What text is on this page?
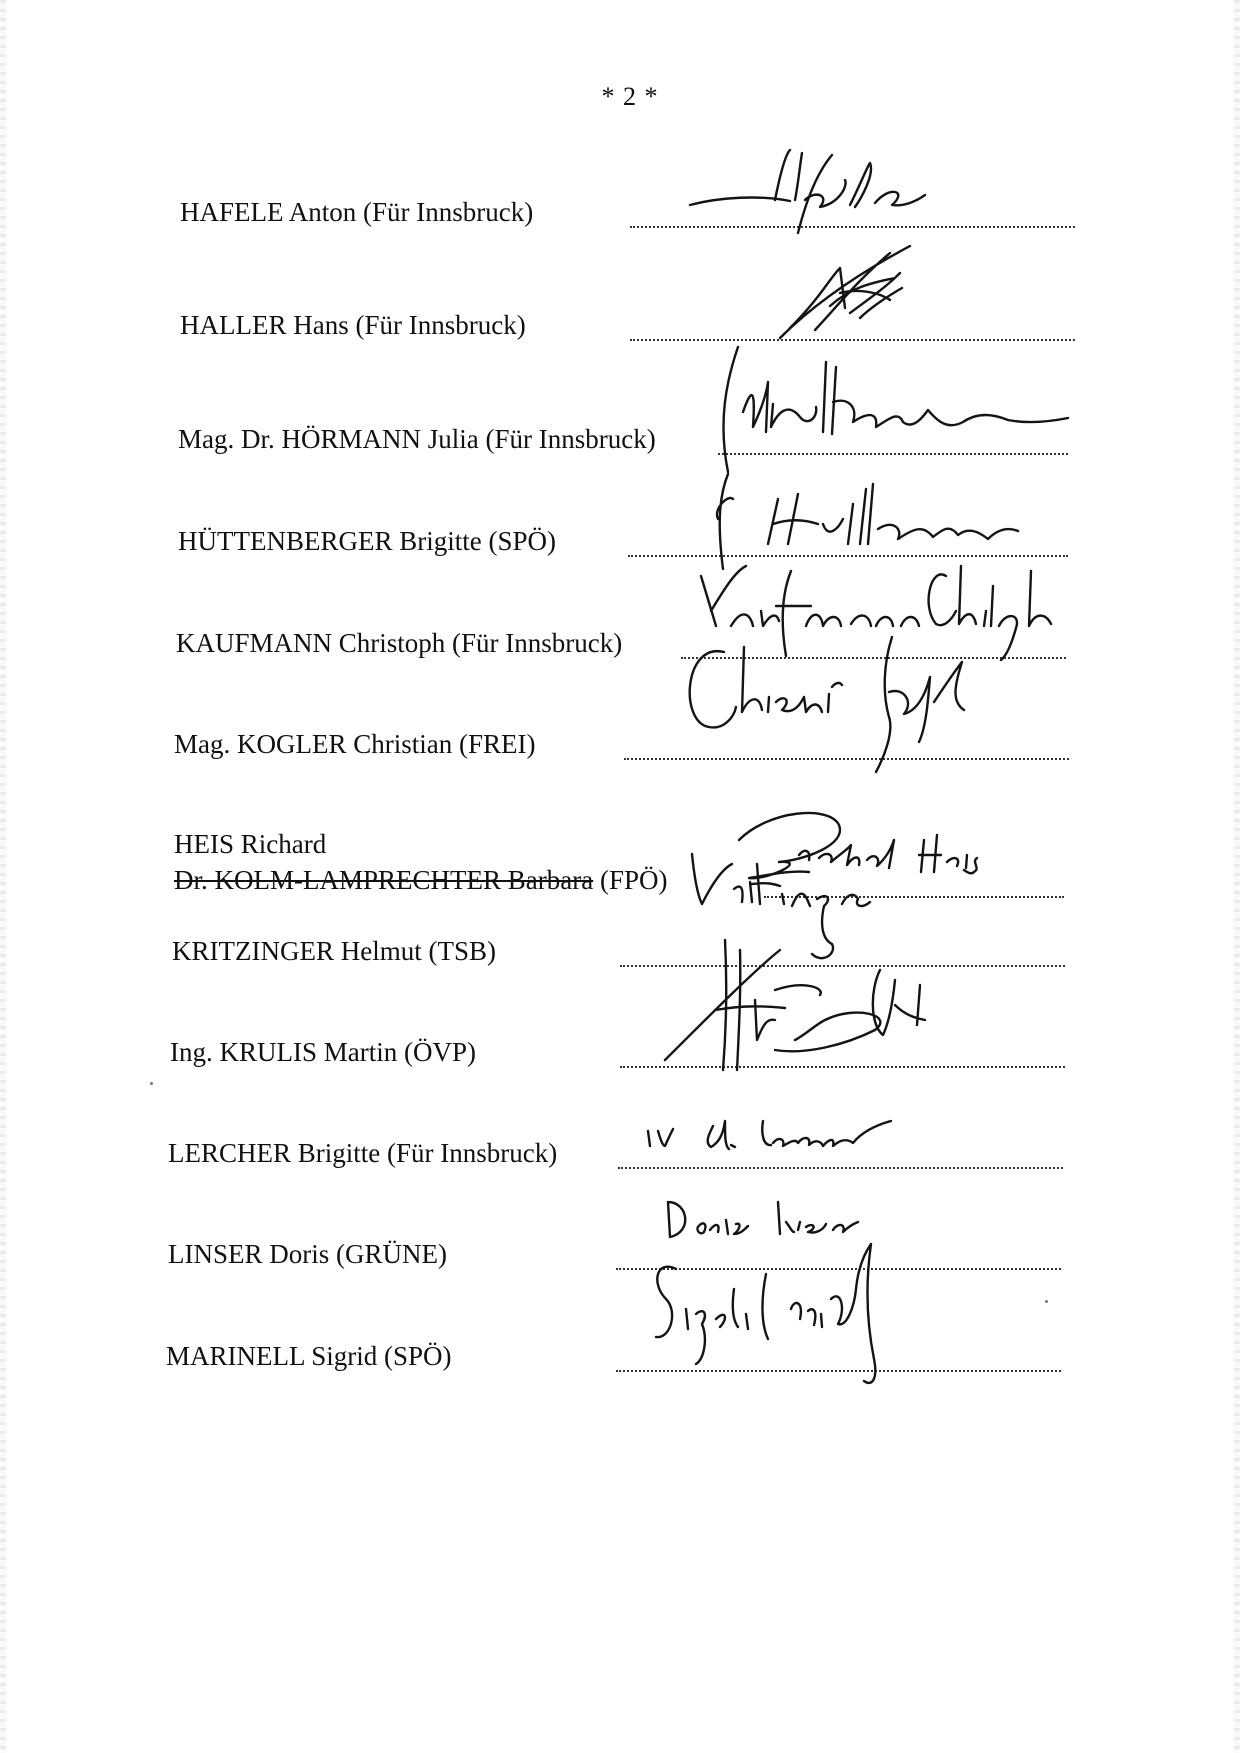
* 2 *
HAFELE Anton (Für Innsbruck)
HALLER Hans (Für Innsbruck)
Mag. Dr. HÖRMANN Julia (Für Innsbruck)
HÜTTENBERGER Brigitte (SPÖ)
KAUFMANN Christoph (Für Innsbruck)
Mag. KOGLER Christian (FREI)
HEIS Richard
Dr. KOLM-LAMPRECHTER Barbara (FPÖ)
KRITZINGER Helmut (TSB)
Ing. KRULIS Martin (ÖVP)
LERCHER Brigitte (Für Innsbruck)
LINSER Doris (GRÜNE)
MARINELL Sigrid (SPÖ)
